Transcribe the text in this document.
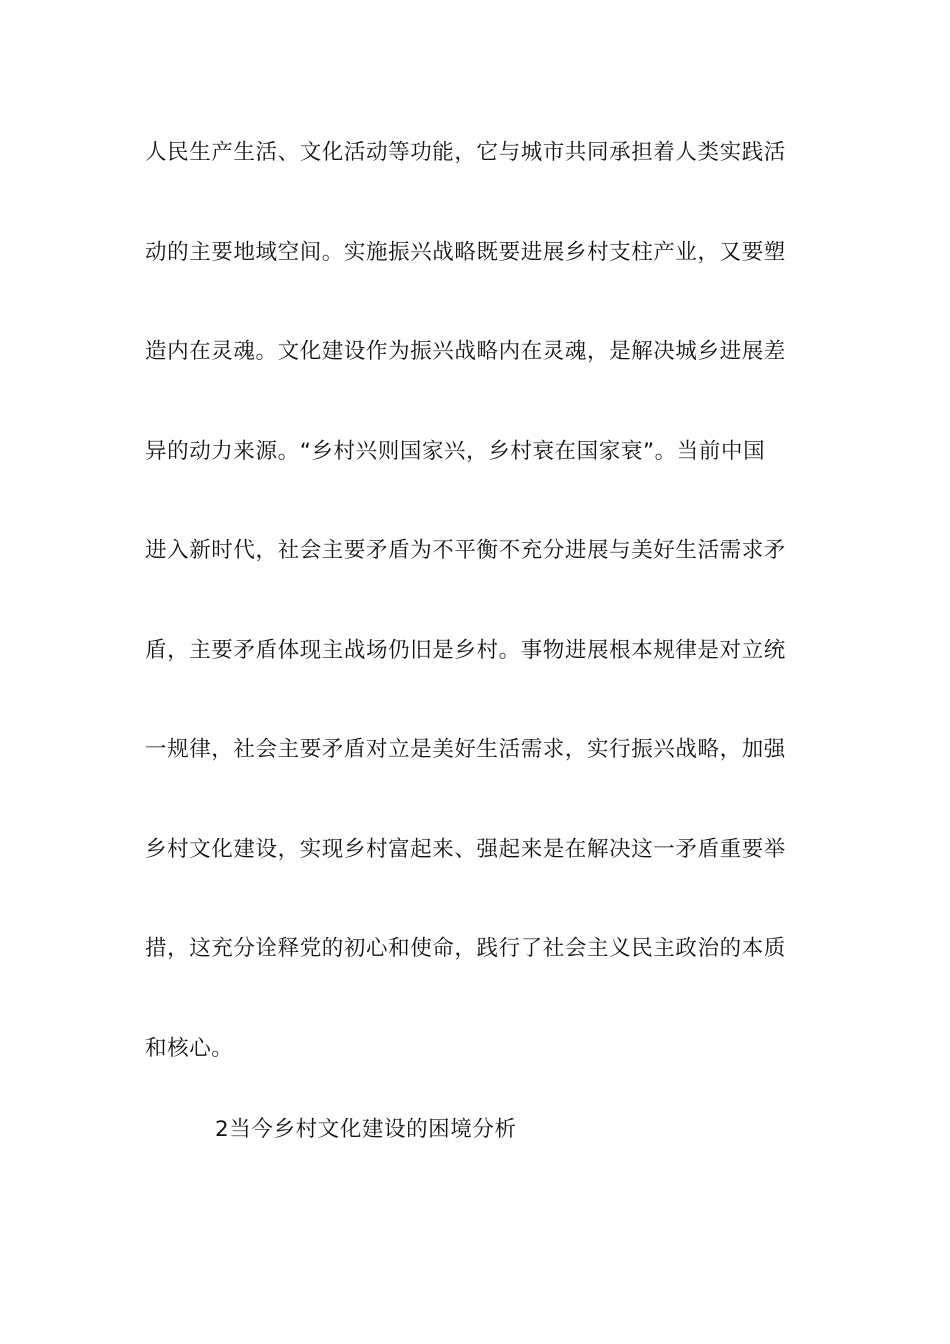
人民生产生活、文化活动等功能，它与城市共同承担着人类实践活
动的主要地域空间。实施振兴战略既要进展乡村支柱产业，又要塑
造内在灵魂。文化建设作为振兴战略内在灵魂，是解决城乡进展差
异的动力来源。“乡村兴则国家兴，乡村衰在国家衰”。当前中国
进入新时代，社会主要矛盾为不平衡不充分进展与美好生活需求矛
盾，主要矛盾体现主战场仍旧是乡村。事物进展根本规律是对立统
一规律，社会主要矛盾对立是美好生活需求，实行振兴战略，加强
乡村文化建设，实现乡村富起来、强起来是在解决这一矛盾重要举
措，这充分诠释党的初心和使命，践行了社会主义民主政治的本质
和核心。
2当今乡村文化建设的困境分析
